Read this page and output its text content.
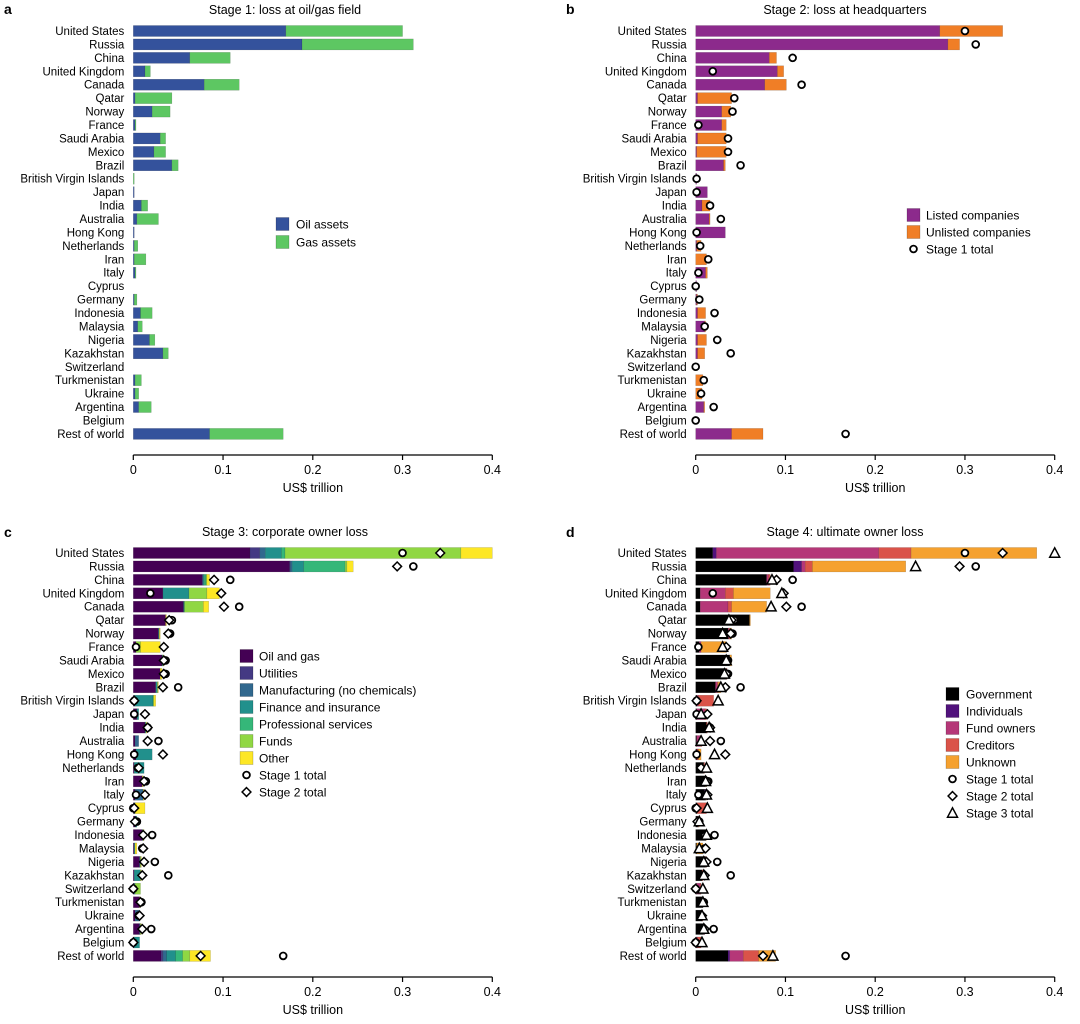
a	Stage 1: loss at oil/gas field
United States
Russia
China
United Kingdom
Canada
Qatar
Norway
France
Saudi Arabia
Mexico
Brazil
British Virgin Islands
Japan
India
Australia
Hong Kong
Netherlands
Iran
Italy
Cyprus
Germany
Indonesia
Malaysia
Nigeria
Kazakhstan
Switzerland
Turkmenistan
Ukraine
Argentina
Belgium
Rest of world
0	0.1	0.2	0.3	0.4
US$ trillion
Oil assets
Gas assets
b	Stage 2: loss at headquarters
United States
Russia
China
United Kingdom
Canada
Qatar
Norway
France
Saudi Arabia
Mexico
Brazil
British Virgin Islands
Japan
India
Australia
Hong Kong
Netherlands
Iran
Italy
Cyprus
Germany
Indonesia
Malaysia
Nigeria
Kazakhstan
Switzerland
Turkmenistan
Ukraine
Argentina
Belgium
Rest of world
0	0.1	0.2	0.3	0.4
US$ trillion
Listed companies
Unlisted companies
Stage 1 total
c	Stage 3: corporate owner loss
United States
Russia
China
United Kingdom
Canada
Qatar
Norway
France
Saudi Arabia
Mexico
Brazil
British Virgin Islands
Japan
India
Australia
Hong Kong
Netherlands
Iran
Italy
Cyprus
Germany
Indonesia
Malaysia
Nigeria
Kazakhstan
Switzerland
Turkmenistan
Ukraine
Argentina
Belgium
Rest of world
0	0.1	0.2	0.3	0.4
US$ trillion
Oil and gas
Utilities
Manufacturing (no chemicals)
Finance and insurance
Professional services
Funds
Other
Stage 1 total
Stage 2 total
d	Stage 4: ultimate owner loss
United States
Russia
China
United Kingdom
Canada
Qatar
Norway
France
Saudi Arabia
Mexico
Brazil
British Virgin Islands
Japan
India
Australia
Hong Kong
Netherlands
Iran
Italy
Cyprus
Germany
Indonesia
Malaysia
Nigeria
Kazakhstan
Switzerland
Turkmenistan
Ukraine
Argentina
Belgium
Rest of world
0	0.1	0.2	0.3	0.4
US$ trillion
Government
Individuals
Fund owners
Creditors
Unknown
Stage 1 total
Stage 2 total
Stage 3 total
